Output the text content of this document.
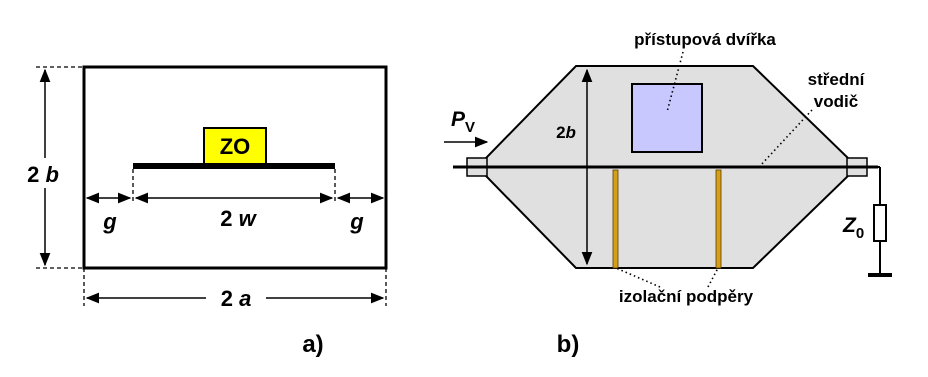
ZO
2 b
g	2 w	g
2 a
a)
2b
$P_V$
přístupová dvířka
střední
vodič
$Z_0$
izolační podpěry
b)
